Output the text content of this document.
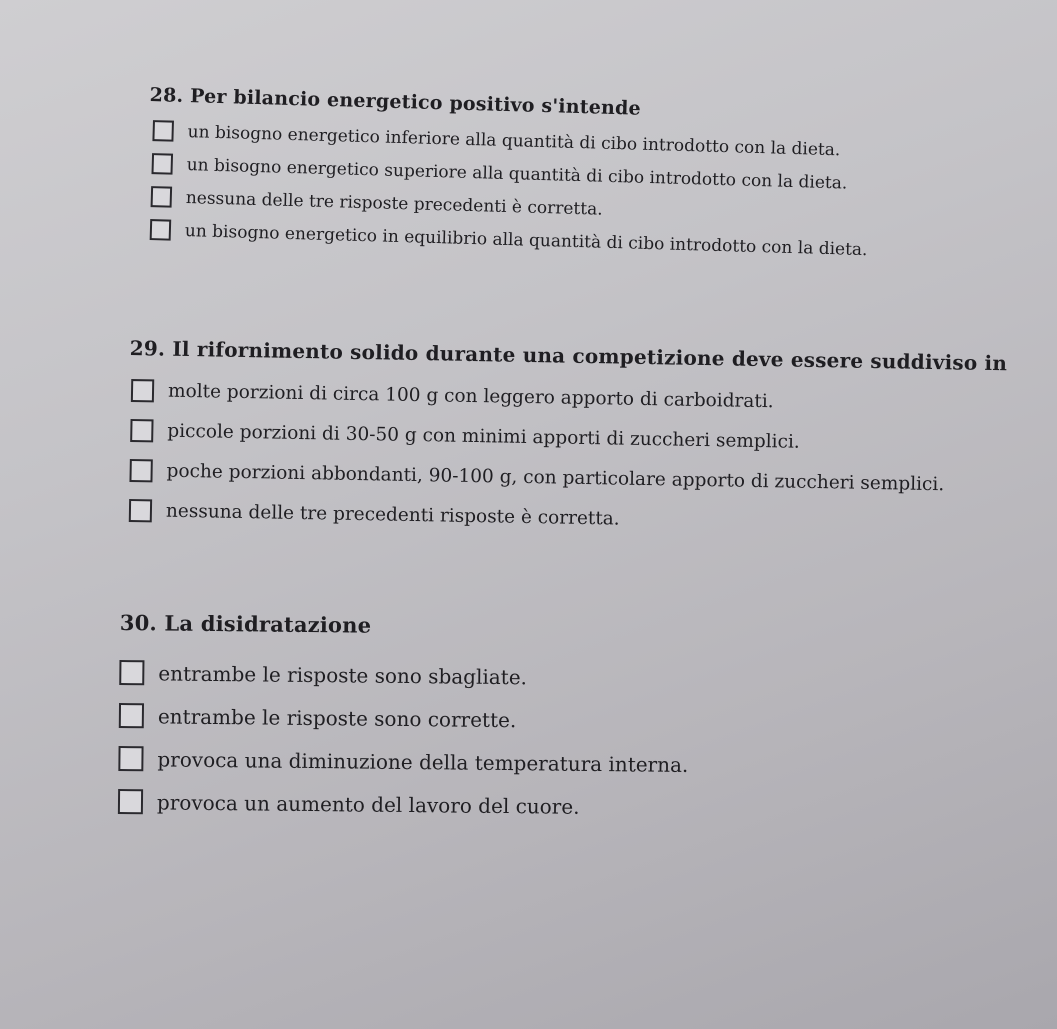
28. Per bilancio energetico positivo s'intende
un bisogno energetico inferiore alla quantità di cibo introdotto con la dieta.
un bisogno energetico superiore alla quantità di cibo introdotto con la dieta.
nessuna delle tre risposte precedenti è corretta.
un bisogno energetico in equilibrio alla quantità di cibo introdotto con la dieta.
29. Il rifornimento solido durante una competizione deve essere suddiviso in
molte porzioni di circa 100 g con leggero apporto di carboidrati.
piccole porzioni di 30-50 g con minimi apporti di zuccheri semplici.
poche porzioni abbondanti, 90-100 g, con particolare apporto di zuccheri semplici.
nessuna delle tre precedenti risposte è corretta.
30. La disidratazione
entrambe le risposte sono sbagliate.
entrambe le risposte sono corrette.
provoca una diminuzione della temperatura interna.
provoca un aumento del lavoro del cuore.
